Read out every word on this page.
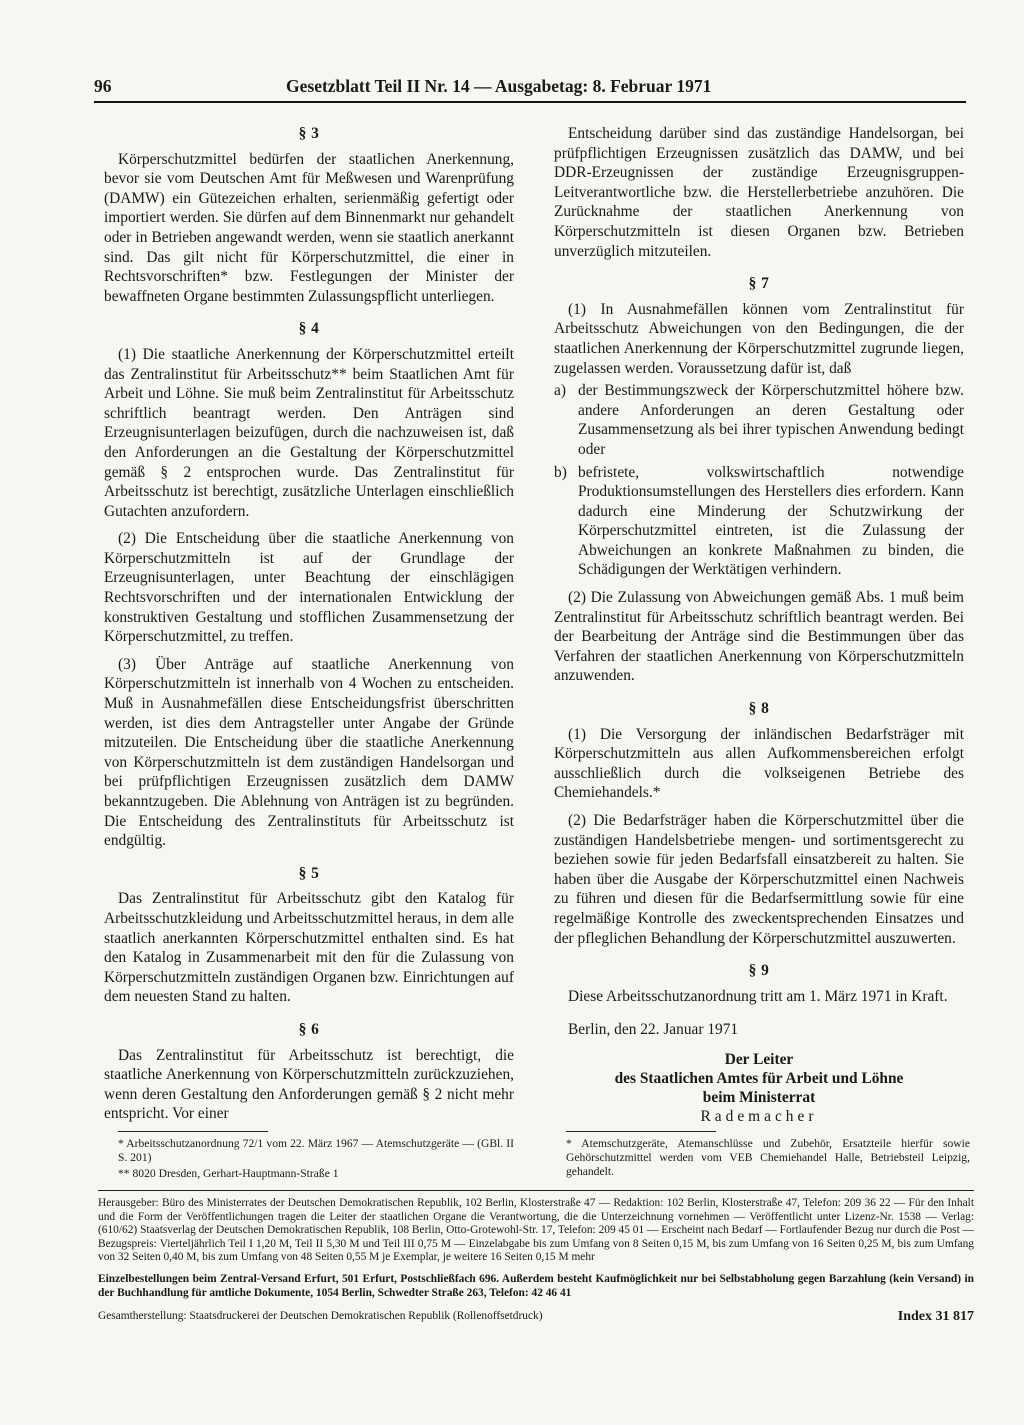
96	Gesetzblatt Teil II Nr. 14 — Ausgabetag: 8. Februar 1971
§ 3

Körperschutzmittel bedürfen der staatlichen Anerkennung, bevor sie vom Deutschen Amt für Meßwesen und Warenprüfung (DAMW) ein Gütezeichen erhalten, serienmäßig gefertigt oder importiert werden. Sie dürfen auf dem Binnenmarkt nur gehandelt oder in Betrieben angewandt werden, wenn sie staatlich anerkannt sind. Das gilt nicht für Körperschutzmittel, die einer in Rechtsvorschriften* bzw. Festlegungen der Minister der bewaffneten Organe bestimmten Zulassungspflicht unterliegen.

§ 4

(1) Die staatliche Anerkennung der Körperschutzmittel erteilt das Zentralinstitut für Arbeitsschutz** beim Staatlichen Amt für Arbeit und Löhne. Sie muß beim Zentralinstitut für Arbeitsschutz schriftlich beantragt werden. Den Anträgen sind Erzeugnisunterlagen beizufügen, durch die nachzuweisen ist, daß den Anforderungen an die Gestaltung der Körperschutzmittel gemäß § 2 entsprochen wurde. Das Zentralinstitut für Arbeitsschutz ist berechtigt, zusätzliche Unterlagen einschließlich Gutachten anzufordern.

(2) Die Entscheidung über die staatliche Anerkennung von Körperschutzmitteln ist auf der Grundlage der Erzeugnisunterlagen, unter Beachtung der einschlägigen Rechtsvorschriften und der internationalen Entwicklung der konstruktiven Gestaltung und stofflichen Zusammensetzung der Körperschutzmittel, zu treffen.

(3) Über Anträge auf staatliche Anerkennung von Körperschutzmitteln ist innerhalb von 4 Wochen zu entscheiden. Muß in Ausnahmefällen diese Entscheidungsfrist überschritten werden, ist dies dem Antragsteller unter Angabe der Gründe mitzuteilen. Die Entscheidung über die staatliche Anerkennung von Körperschutzmitteln ist dem zuständigen Handelsorgan und bei prüfpflichtigen Erzeugnissen zusätzlich dem DAMW bekanntzugeben. Die Ablehnung von Anträgen ist zu begründen. Die Entscheidung des Zentralinstituts für Arbeitsschutz ist endgültig.

§ 5

Das Zentralinstitut für Arbeitsschutz gibt den Katalog für Arbeitsschutzkleidung und Arbeitsschutzmittel heraus, in dem alle staatlich anerkannten Körperschutzmittel enthalten sind. Es hat den Katalog in Zusammenarbeit mit den für die Zulassung von Körperschutzmitteln zuständigen Organen bzw. Einrichtungen auf dem neuesten Stand zu halten.

§ 6

Das Zentralinstitut für Arbeitsschutz ist berechtigt, die staatliche Anerkennung von Körperschutzmitteln zurückzuziehen, wenn deren Gestaltung den Anforderungen gemäß § 2 nicht mehr entspricht. Vor einer

Entscheidung darüber sind das zuständige Handelsorgan, bei prüfpflichtigen Erzeugnissen zusätzlich das DAMW, und bei DDR-Erzeugnissen der zuständige Erzeugnisgruppen-Leitverantwortliche bzw. die Herstellerbetriebe anzuhören. Die Zurücknahme der staatlichen Anerkennung von Körperschutzmitteln ist diesen Organen bzw. Betrieben unverzüglich mitzuteilen.

§ 7

(1) In Ausnahmefällen können vom Zentralinstitut für Arbeitsschutz Abweichungen von den Bedingungen, die der staatlichen Anerkennung der Körperschutzmittel zugrunde liegen, zugelassen werden. Voraussetzung dafür ist, daß

a) der Bestimmungszweck der Körperschutzmittel höhere bzw. andere Anforderungen an deren Gestaltung oder Zusammensetzung als bei ihrer typischen Anwendung bedingt oder
b) befristete, volkswirtschaftlich notwendige Produktionsumstellungen des Herstellers dies erfordern. Kann dadurch eine Minderung der Schutzwirkung der Körperschutzmittel eintreten, ist die Zulassung der Abweichungen an konkrete Maßnahmen zu binden, die Schädigungen der Werktätigen verhindern.

(2) Die Zulassung von Abweichungen gemäß Abs. 1 muß beim Zentralinstitut für Arbeitsschutz schriftlich beantragt werden. Bei der Bearbeitung der Anträge sind die Bestimmungen über das Verfahren der staatlichen Anerkennung von Körperschutzmitteln anzuwenden.

§ 8

(1) Die Versorgung der inländischen Bedarfsträger mit Körperschutzmitteln aus allen Aufkommensbereichen erfolgt ausschließlich durch die volkseigenen Betriebe des Chemiehandels.*

(2) Die Bedarfsträger haben die Körperschutzmittel über die zuständigen Handelsbetriebe mengen- und sortimentsgerecht zu beziehen sowie für jeden Bedarfsfall einsatzbereit zu halten. Sie haben über die Ausgabe der Körperschutzmittel einen Nachweis zu führen und diesen für die Bedarfsermittlung sowie für eine regelmäßige Kontrolle des zweckentsprechenden Einsatzes und der pfleglichen Behandlung der Körperschutzmittel auszuwerten.

§ 9

Diese Arbeitsschutzanordnung tritt am 1. März 1971 in Kraft.

Berlin, den 22. Januar 1971

Der Leiter
des Staatlichen Amtes für Arbeit und Löhne
beim Ministerrat
Rademacher

* Arbeitsschutzanordnung 72/1 vom 22. März 1967 — Atemschutzgeräte — (GBl. II S. 201)

** 8020 Dresden, Gerhart-Hauptmann-Straße 1

* Atemschutzgeräte, Atemanschlüsse und Zubehör, Ersatzteile hierfür sowie Gehörschutzmittel werden vom VEB Chemiehandel Halle, Betriebsteil Leipzig, gehandelt.

Herausgeber: Büro des Ministerrates der Deutschen Demokratischen Republik, 102 Berlin, Klosterstraße 47 — Redaktion: 102 Berlin, Klosterstraße 47, Telefon: 209 36 22 — Für den Inhalt und die Form der Veröffentlichungen tragen die Leiter der staatlichen Organe die Verantwortung, die die Unterzeichnung vornehmen — Veröffentlicht unter Lizenz-Nr. 1538 — Verlag: (610/62) Staatsverlag der Deutschen Demokratischen Republik, 108 Berlin, Otto-Grotewohl-Str. 17, Telefon: 209 45 01 — Erscheint nach Bedarf — Fortlaufender Bezug nur durch die Post — Bezugspreis: Vierteljährlich Teil I 1,20 M, Teil II 5,30 M und Teil III 0,75 M — Einzelabgabe bis zum Umfang von 8 Seiten 0,15 M, bis zum Umfang von 16 Seiten 0,25 M, bis zum Umfang von 32 Seiten 0,40 M, bis zum Umfang von 48 Seiten 0,55 M je Exemplar, je weitere 16 Seiten 0,15 M mehr

Einzelbestellungen beim Zentral-Versand Erfurt, 501 Erfurt, Postschließfach 696. Außerdem besteht Kaufmöglichkeit nur bei Selbstabholung gegen Barzahlung (kein Versand) in der Buchhandlung für amtliche Dokumente, 1054 Berlin, Schwedter Straße 263, Telefon: 42 46 41

Gesamtherstellung: Staatsdruckerei der Deutschen Demokratischen Republik (Rollenoffsetdruck)	Index 31 817
